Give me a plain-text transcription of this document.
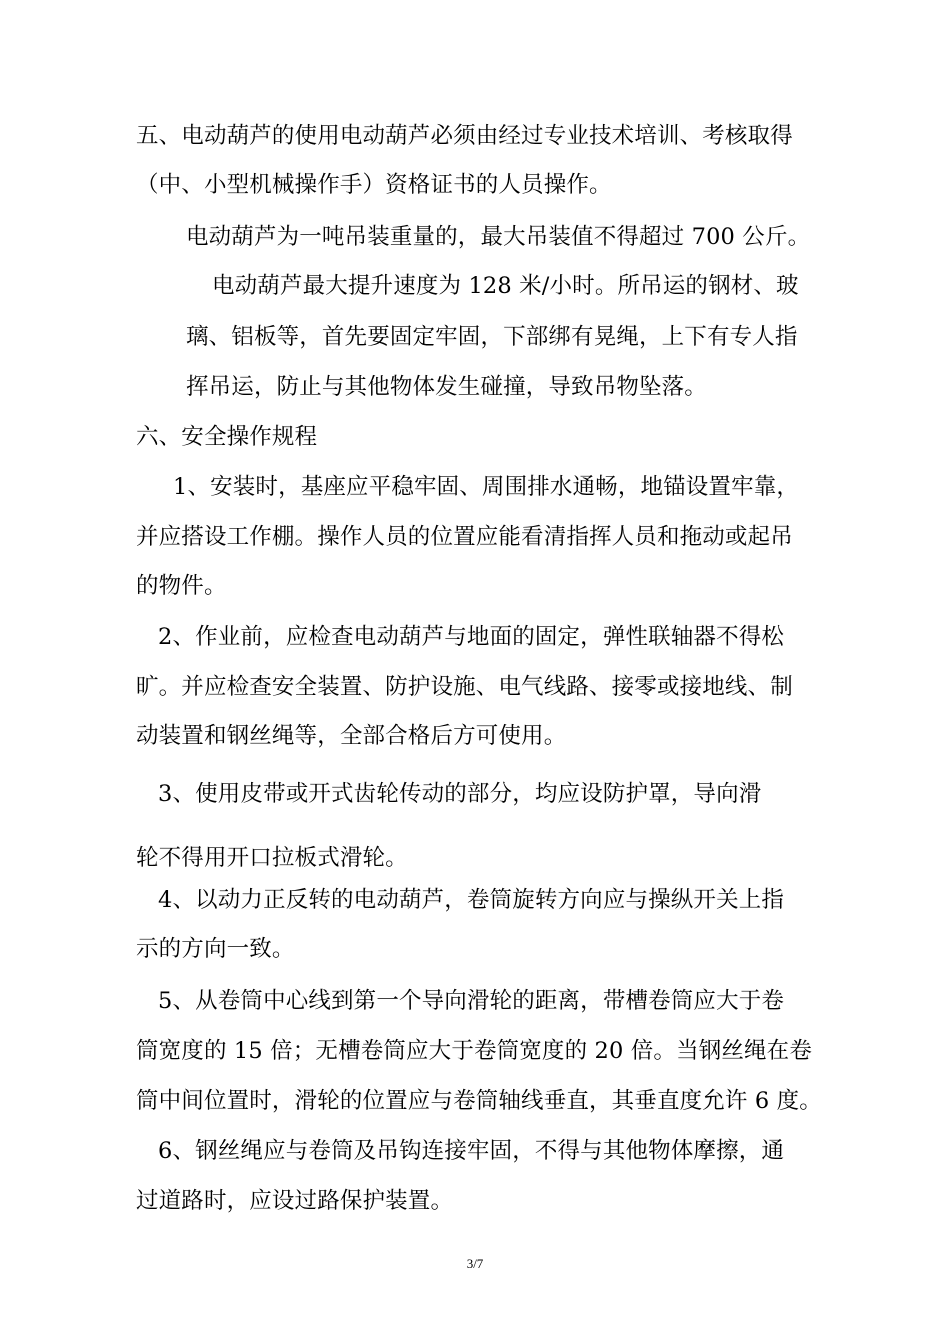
五、电动葫芦的使用电动葫芦必须由经过专业技术培训、考核取得
（中、小型机械操作手）资格证书的人员操作。
电动葫芦为一吨吊装重量的，最大吊装值不得超过 700 公斤。
电动葫芦最大提升速度为 128 米/小时。所吊运的钢材、玻
璃、铝板等，首先要固定牢固，下部绑有晃绳，上下有专人指
挥吊运，防止与其他物体发生碰撞，导致吊物坠落。
六、安全操作规程
1、安装时，基座应平稳牢固、周围排水通畅，地锚设置牢靠，
并应搭设工作棚。操作人员的位置应能看清指挥人员和拖动或起吊
的物件。
2、作业前，应检查电动葫芦与地面的固定，弹性联轴器不得松
旷。并应检查安全装置、防护设施、电气线路、接零或接地线、制
动装置和钢丝绳等，全部合格后方可使用。
3、使用皮带或开式齿轮传动的部分，均应设防护罩，导向滑
轮不得用开口拉板式滑轮。
4、以动力正反转的电动葫芦，卷筒旋转方向应与操纵开关上指
示的方向一致。
5、从卷筒中心线到第一个导向滑轮的距离，带槽卷筒应大于卷
筒宽度的 15 倍；无槽卷筒应大于卷筒宽度的 20 倍。当钢丝绳在卷
筒中间位置时，滑轮的位置应与卷筒轴线垂直，其垂直度允许 6 度。
6、钢丝绳应与卷筒及吊钩连接牢固，不得与其他物体摩擦，通
过道路时，应设过路保护装置。
3/7
